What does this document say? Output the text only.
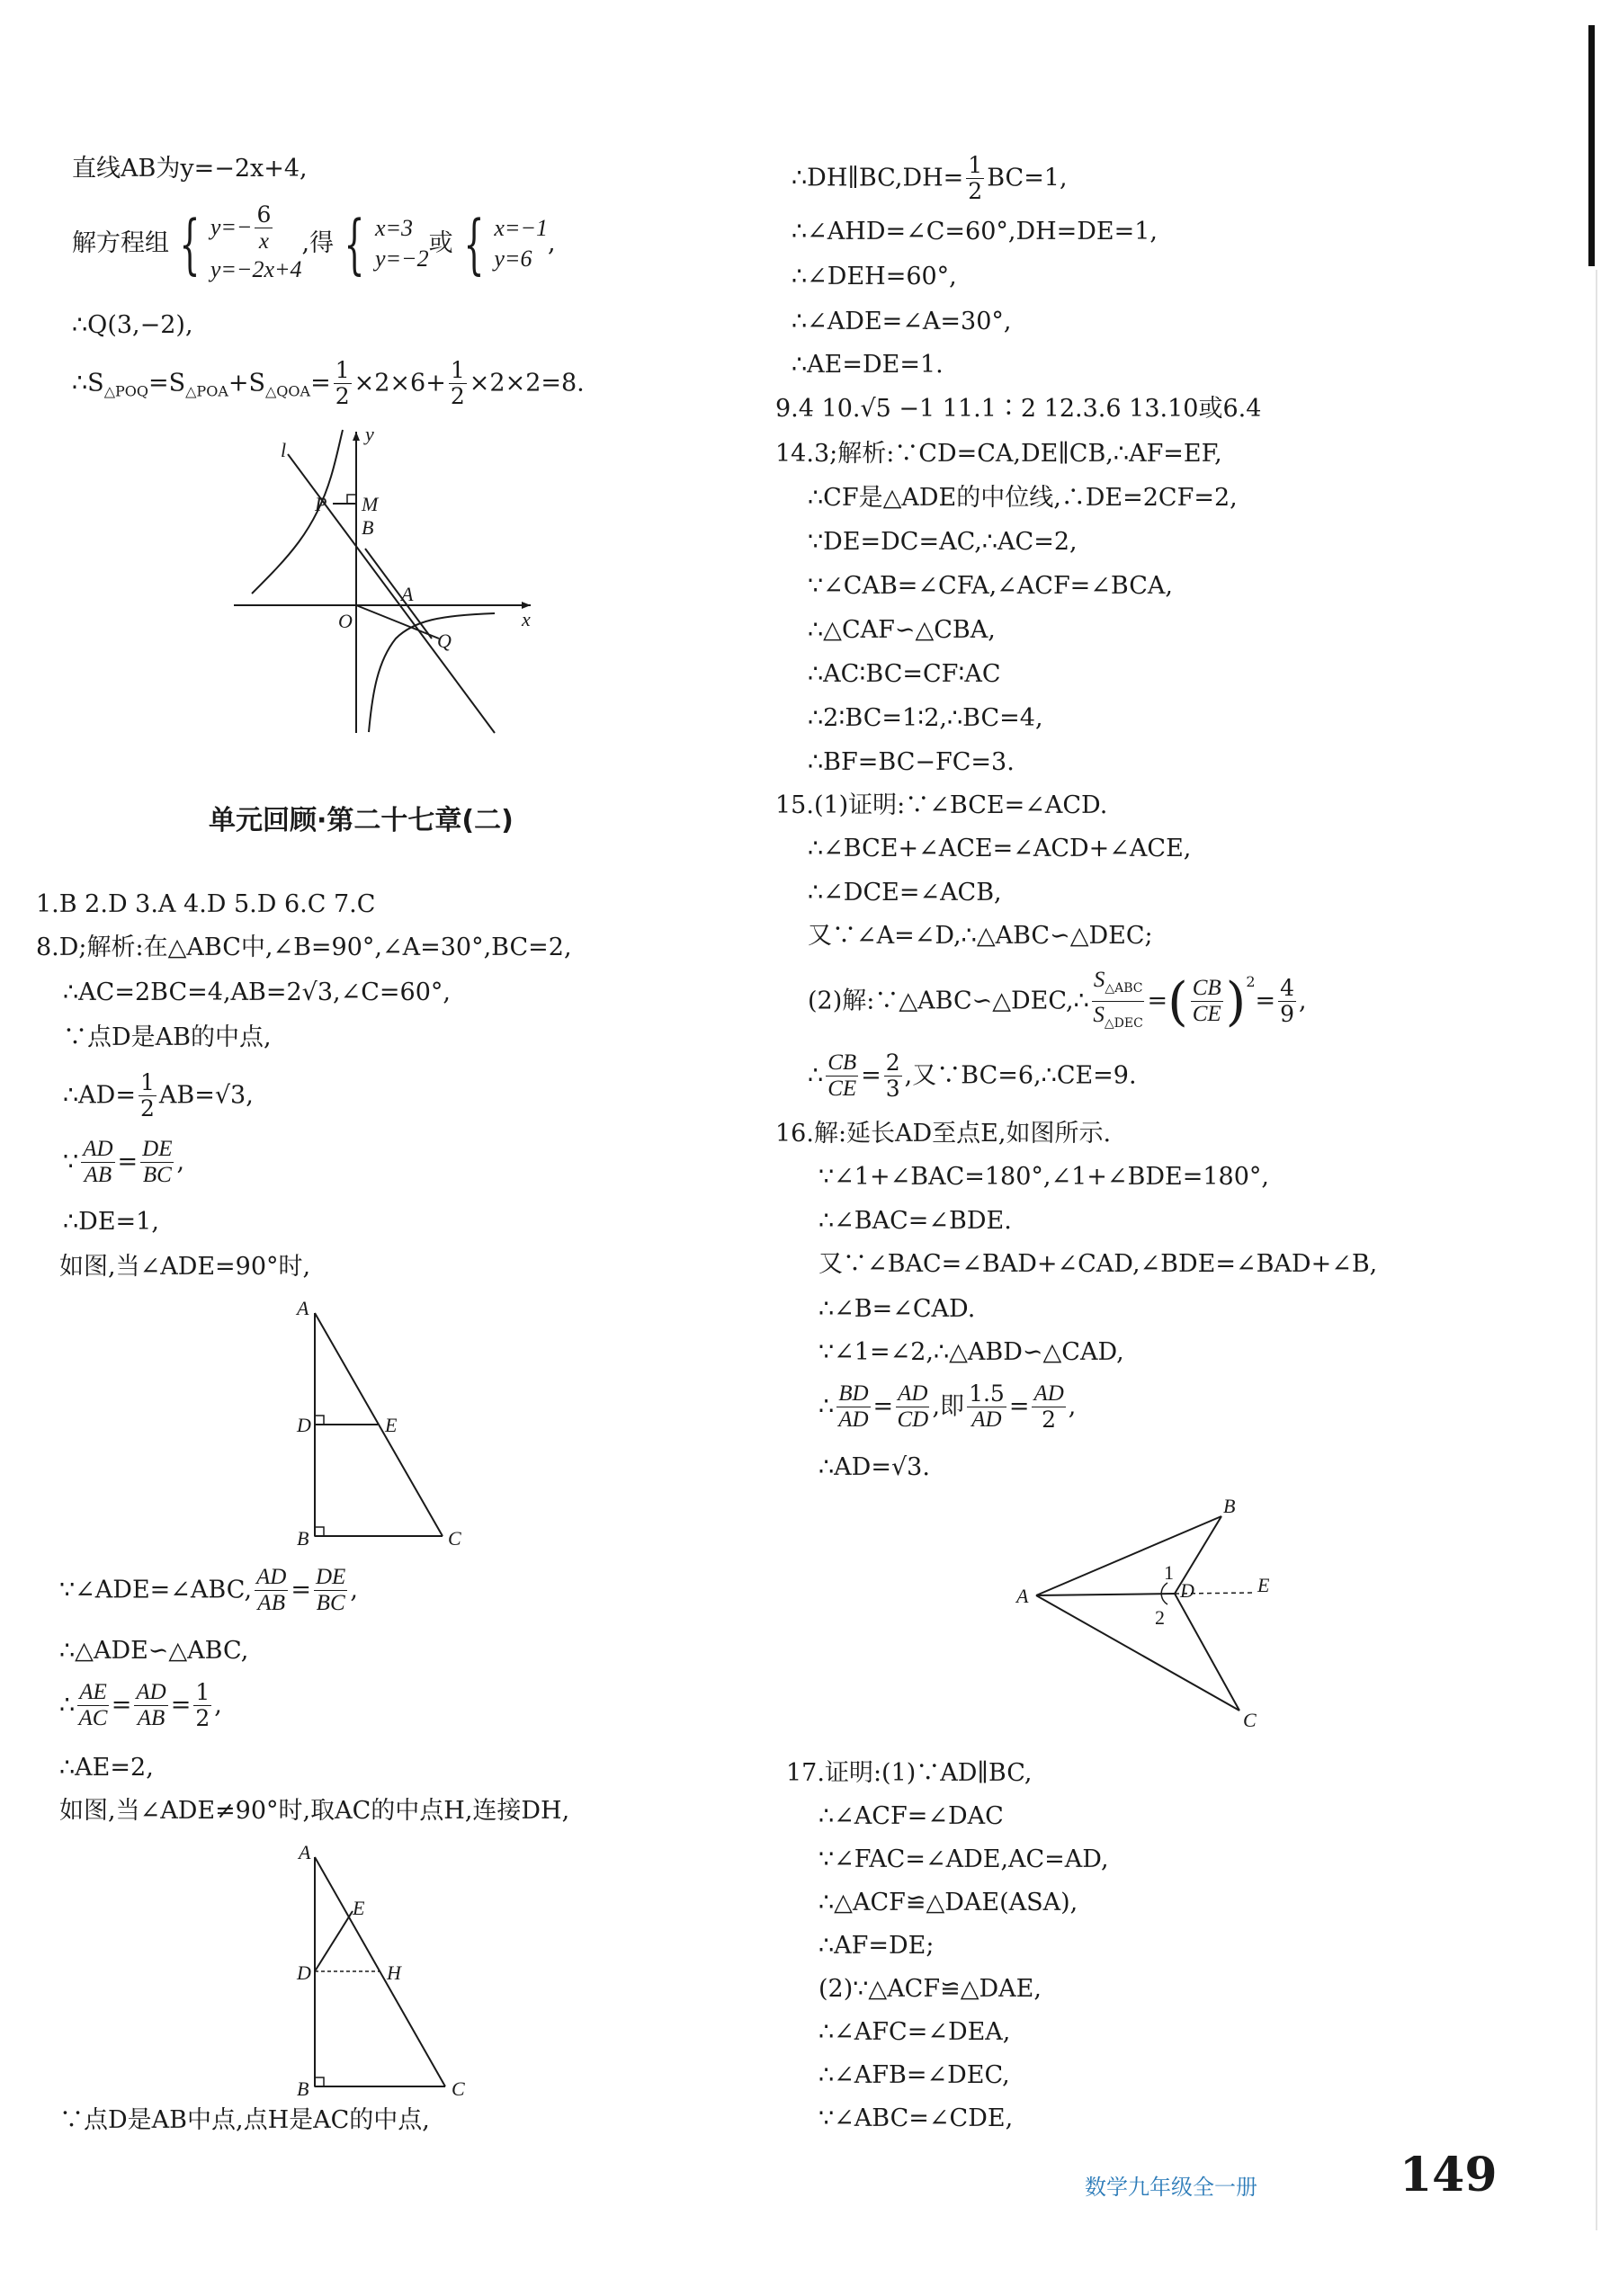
直线AB为y=−2x+4,
解方程组 { $y=- \frac{6}{x}$
y=−2x+4
,得 { x=3
y=−2
或 { x=−1
y=6
,
∴Q(3,−2),
$\therefore S_{\triangle POQ}=S_{\triangle POA}+S_{\triangle QOA}= \frac{1}{2} \times 2\times 6+ \frac{1}{2} \times 2\times 2=8$.
l
y
x
P M
B
A
O
Q
单元回顾·第二十七章(二)
1.B 2.D 3.A 4.D 5.D 6.C 7.C
8.D;解析:在△ABC中,∠B=90°,∠A=30°,BC=2,
∴AC=2BC=4,AB=2√3,∠C=60°,
∵点D是AB的中点,
∴AD= $\frac{1}{2} AB=√3$,
∵ $\frac{AD}{AB} = \frac{DE}{BC}$ ,
∴DE=1,
如图,当∠ADE=90°时,
A
D	E
B	C
∵∠ADE=∠ABC, $\frac{AD}{AB} = \frac{DE}{BC}$ ,
∴△ADE∽△ABC,
∴ $\frac{AE}{AC} = \frac{AD}{AB} = \frac{1}{2}$ ,
∴AE=2,
如图,当∠ADE≠90°时,取AC的中点H,连接DH,
A
E
D	H
B	C
∵点D是AB中点,点H是AC的中点,
∴DH∥BC,DH= $\frac{1}{2} BC=1$,
∴∠AHD=∠C=60°,DH=DE=1,
∴∠DEH=60°,
∴∠ADE=∠A=30°,
∴AE=DE=1.
9.4 10.√5 −1 11.1∶2 12.3.6 13.10或6.4
14.3;解析:∵CD=CA,DE∥CB,∴AF=EF,
∴CF是△ADE的中位线,∴DE=2CF=2,
∵DE=DC=AC,∴AC=2,
∵∠CAB=∠CFA,∠ACF=∠BCA,
∴△CAF∽△CBA,
∴AC∶BC=CF∶AC
∴2∶BC=1∶2,∴BC=4,
∴BF=BC−FC=3.
15.(1)证明:∵∠BCE=∠ACD.
∴∠BCE+∠ACE=∠ACD+∠ACE,
∴∠DCE=∠ACB,
又∵∠A=∠D,∴△ABC∽△DEC;
(2)解:∵△ABC∽△DEC,∴ $\frac{S_{\triangle ABC}}{S_{\triangle DEC}}$ =( $\frac{CB}{CE} )^2= \frac{4}{9}$ ,
∴ $\frac{CB}{CE} = \frac{2}{3}$ ,又∵BC=6,∴CE=9.
16.解:延长AD至点E,如图所示.
∵∠1+∠BAC=180°,∠1+∠BDE=180°,
∴∠BAC=∠BDE.
又∵∠BAC=∠BAD+∠CAD,∠BDE=∠BAD+∠B,
∴∠B=∠CAD.
∵∠1=∠2,∴△ABD∽△CAD,
∴ $\frac{BD}{AD} = \frac{AD}{CD}$ ,即 $\frac{1.5}{AD} = \frac{AD}{2}$ ,
∴AD=√3.
B
A	D	E
C
1
2
17.证明:(1)∵AD∥BC,
∴∠ACF=∠DAC
∵∠FAC=∠ADE,AC=AD,
∴△ACF≌△DAE(ASA),
∴AF=DE;
(2)∵△ACF≌△DAE,
∴∠AFC=∠DEA,
∴∠AFB=∠DEC,
∵∠ABC=∠CDE,
数学九年级全一册	149
